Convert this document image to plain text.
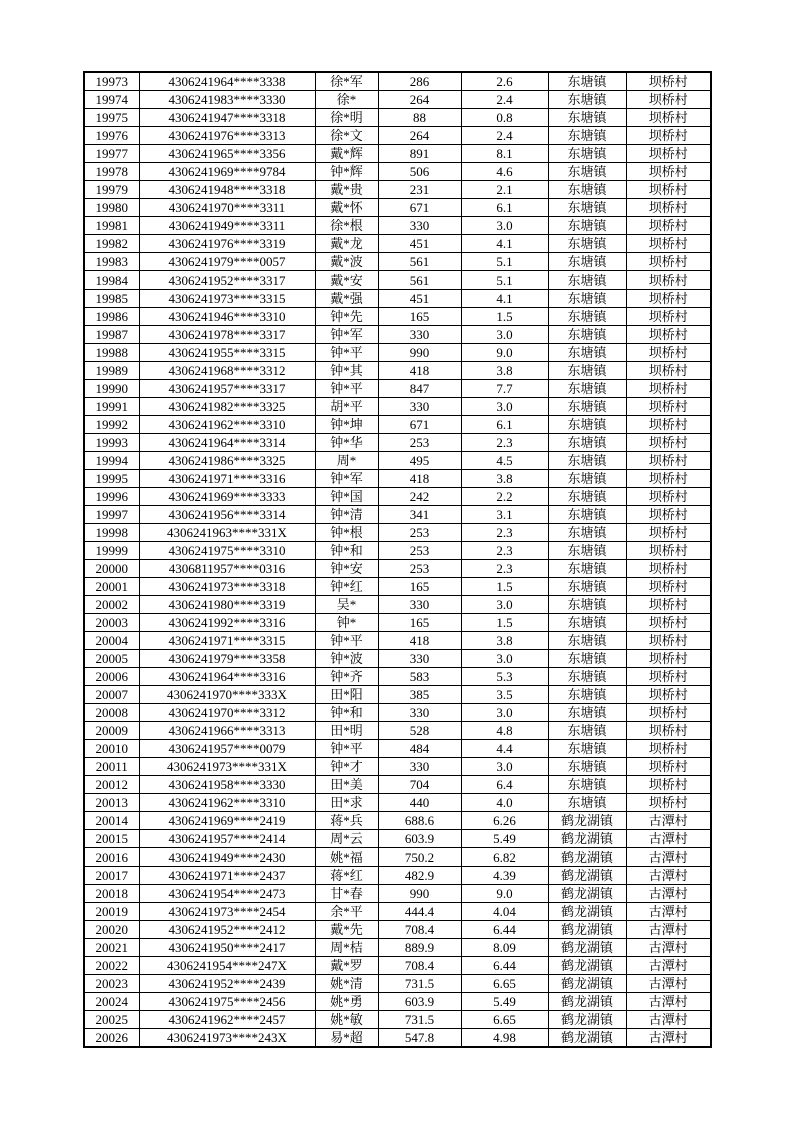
19973	4306241964****3338	徐*军	286	2.6	东塘镇	坝桥村
19974	4306241983****3330	徐*	264	2.4	东塘镇	坝桥村
19975	4306241947****3318	徐*明	88	0.8	东塘镇	坝桥村
19976	4306241976****3313	徐*文	264	2.4	东塘镇	坝桥村
19977	4306241965****3356	戴*辉	891	8.1	东塘镇	坝桥村
19978	4306241969****9784	钟*辉	506	4.6	东塘镇	坝桥村
19979	4306241948****3318	戴*贵	231	2.1	东塘镇	坝桥村
19980	4306241970****3311	戴*怀	671	6.1	东塘镇	坝桥村
19981	4306241949****3311	徐*根	330	3.0	东塘镇	坝桥村
19982	4306241976****3319	戴*龙	451	4.1	东塘镇	坝桥村
19983	4306241979****0057	戴*波	561	5.1	东塘镇	坝桥村
19984	4306241952****3317	戴*安	561	5.1	东塘镇	坝桥村
19985	4306241973****3315	戴*强	451	4.1	东塘镇	坝桥村
19986	4306241946****3310	钟*先	165	1.5	东塘镇	坝桥村
19987	4306241978****3317	钟*军	330	3.0	东塘镇	坝桥村
19988	4306241955****3315	钟*平	990	9.0	东塘镇	坝桥村
19989	4306241968****3312	钟*其	418	3.8	东塘镇	坝桥村
19990	4306241957****3317	钟*平	847	7.7	东塘镇	坝桥村
19991	4306241982****3325	胡*平	330	3.0	东塘镇	坝桥村
19992	4306241962****3310	钟*坤	671	6.1	东塘镇	坝桥村
19993	4306241964****3314	钟*华	253	2.3	东塘镇	坝桥村
19994	4306241986****3325	周*	495	4.5	东塘镇	坝桥村
19995	4306241971****3316	钟*军	418	3.8	东塘镇	坝桥村
19996	4306241969****3333	钟*国	242	2.2	东塘镇	坝桥村
19997	4306241956****3314	钟*清	341	3.1	东塘镇	坝桥村
19998	4306241963****331X	钟*根	253	2.3	东塘镇	坝桥村
19999	4306241975****3310	钟*和	253	2.3	东塘镇	坝桥村
20000	4306811957****0316	钟*安	253	2.3	东塘镇	坝桥村
20001	4306241973****3318	钟*红	165	1.5	东塘镇	坝桥村
20002	4306241980****3319	吴*	330	3.0	东塘镇	坝桥村
20003	4306241992****3316	钟*	165	1.5	东塘镇	坝桥村
20004	4306241971****3315	钟*平	418	3.8	东塘镇	坝桥村
20005	4306241979****3358	钟*波	330	3.0	东塘镇	坝桥村
20006	4306241964****3316	钟*齐	583	5.3	东塘镇	坝桥村
20007	4306241970****333X	田*阳	385	3.5	东塘镇	坝桥村
20008	4306241970****3312	钟*和	330	3.0	东塘镇	坝桥村
20009	4306241966****3313	田*明	528	4.8	东塘镇	坝桥村
20010	4306241957****0079	钟*平	484	4.4	东塘镇	坝桥村
20011	4306241973****331X	钟*才	330	3.0	东塘镇	坝桥村
20012	4306241958****3330	田*美	704	6.4	东塘镇	坝桥村
20013	4306241962****3310	田*求	440	4.0	东塘镇	坝桥村
20014	4306241969****2419	蒋*兵	688.6	6.26	鹤龙湖镇	古潭村
20015	4306241957****2414	周*云	603.9	5.49	鹤龙湖镇	古潭村
20016	4306241949****2430	姚*福	750.2	6.82	鹤龙湖镇	古潭村
20017	4306241971****2437	蒋*红	482.9	4.39	鹤龙湖镇	古潭村
20018	4306241954****2473	甘*春	990	9.0	鹤龙湖镇	古潭村
20019	4306241973****2454	余*平	444.4	4.04	鹤龙湖镇	古潭村
20020	4306241952****2412	戴*先	708.4	6.44	鹤龙湖镇	古潭村
20021	4306241950****2417	周*桔	889.9	8.09	鹤龙湖镇	古潭村
20022	4306241954****247X	戴*罗	708.4	6.44	鹤龙湖镇	古潭村
20023	4306241952****2439	姚*清	731.5	6.65	鹤龙湖镇	古潭村
20024	4306241975****2456	姚*勇	603.9	5.49	鹤龙湖镇	古潭村
20025	4306241962****2457	姚*敏	731.5	6.65	鹤龙湖镇	古潭村
20026	4306241973****243X	易*超	547.8	4.98	鹤龙湖镇	古潭村
